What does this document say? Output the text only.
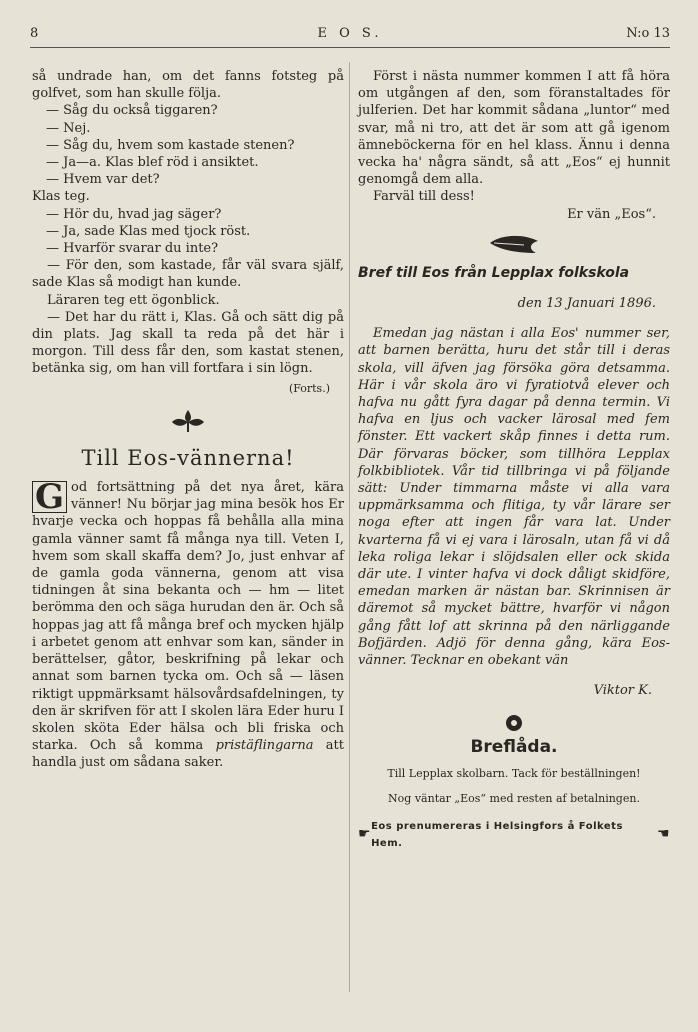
8	E O S.	N:o 13

så undrade han, om det fanns fotsteg på golfvet, som han skulle följa.

— Såg du också tiggaren?

— Nej.

— Såg du, hvem som kastade stenen?

— Ja—a. Klas blef röd i ansiktet.

— Hvem var det?

Klas teg.

— Hör du, hvad jag säger?

— Ja, sade Klas med tjock röst.

— Hvarför svarar du inte?

— För den, som kastade, får väl svara själf, sade Klas så modigt han kunde.

Läraren teg ett ögonblick.

— Det har du rätt i, Klas. Gå och sätt dig på din plats. Jag skall ta reda på det här i morgon. Till dess får den, som kastat stenen, betänka sig, om han vill fortfara i sin lögn.

(Forts.)

Till Eos-vännerna!

G od fortsättning på det nya året, kära vänner! Nu börjar jag mina besök hos Er hvarje vecka och hoppas få behålla alla mina gamla vänner samt få många nya till. Veten I, hvem som skall skaffa dem? Jo, just enhvar af de gamla goda vännerna, genom att visa tidningen åt sina bekanta och — hm — litet berömma den och säga hurudan den är. Och så hoppas jag att få många bref och mycken hjälp i arbetet genom att enhvar som kan, sänder in berättelser, gåtor, beskrifning på lekar och annat som barnen tycka om. Och så — läsen riktigt uppmärksamt hälsovårdsafdelningen, ty den är skrifven för att I skolen lära Eder huru I skolen sköta Eder hälsa och bli friska och starka. Och så komma pristäflingarna att handla just om sådana saker.

Först i nästa nummer kommen I att få höra om utgången af den, som föranstaltades för julferien. Det har kommit sådana „luntor“ med svar, må ni tro, att det är som att gå igenom ämneböckerna för en hel klass. Ännu i denna vecka ha' några sändt, så att „Eos“ ej hunnit genomgå dem alla.

Farväl till dess!

Er vän „Eos“.

Bref till Eos från Lepplax folkskola

den 13 Januari 1896.

Emedan jag nästan i alla Eos' nummer ser, att barnen berätta, huru det står till i deras skola, vill äfven jag försöka göra detsamma. Här i vår skola äro vi fyratiotvå elever och hafva nu gått fyra dagar på denna termin. Vi hafva en ljus och vacker lärosal med fem fönster. Ett vackert skåp finnes i detta rum. Där förvaras böcker, som tillhöra Lepplax folkbibliotek. Vår tid tillbringa vi på följande sätt: Under timmarna måste vi alla vara uppmärksamma och flitiga, ty vår lärare ser noga efter att ingen får vara lat. Under kvarterna få vi ej vara i lärosaln, utan få vi då leka roliga lekar i slöjdsalen eller ock skida där ute. I vinter hafva vi dock dåligt skidföre, emedan marken är nästan bar. Skrinnisen är däremot så mycket bättre, hvarför vi någon gång fått lof att skrinna på den närliggande Bofjärden. Adjö för denna gång, kära Eos-vänner. Tecknar en obekant vän

Viktor K.

Breflåda.

Till Lepplax skolbarn. Tack för beställningen!

Nog väntar „Eos“ med resten af betalningen.

☛
Eos prenumereras i Helsingfors å Folkets Hem.
☚
